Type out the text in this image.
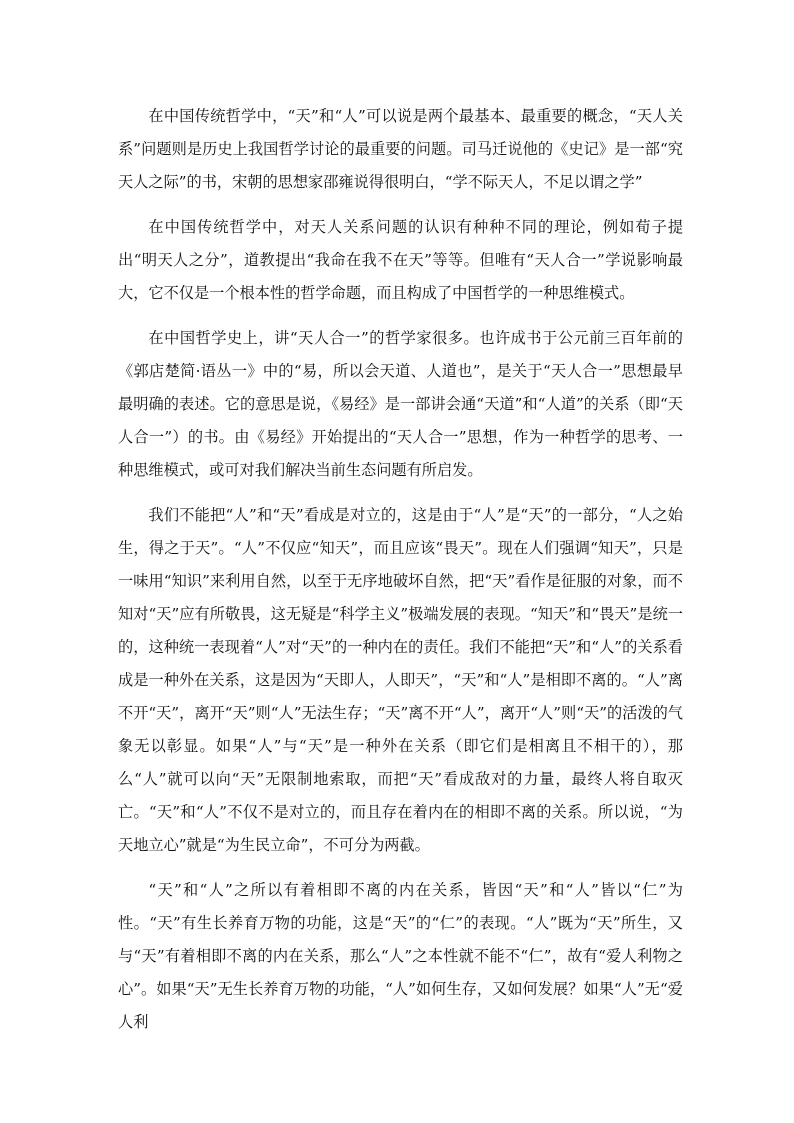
在中国传统哲学中，“天”和“人”可以说是两个最基本、最重要的概念，“天人关系”问题则是历史上我国哲学讨论的最重要的问题。司马迁说他的《史记》是一部“究天人之际”的书，宋朝的思想家邵雍说得很明白，“学不际天人，不足以谓之学”

在中国传统哲学中，对天人关系问题的认识有种种不同的理论，例如荀子提出“明天人之分”，道教提出“我命在我不在天”等等。但唯有“天人合一”学说影响最大，它不仅是一个根本性的哲学命题，而且构成了中国哲学的一种思维模式。

在中国哲学史上，讲“天人合一”的哲学家很多。也许成书于公元前三百年前的《郭店楚简·语丛一》中的“易，所以会天道、人道也”，是关于“天人合一”思想最早最明确的表述。它的意思是说，《易经》是一部讲会通“天道”和“人道”的关系（即“天人合一”）的书。由《易经》开始提出的“天人合一”思想，作为一种哲学的思考、一种思维模式，或可对我们解决当前生态问题有所启发。

我们不能把“人”和“天”看成是对立的，这是由于“人”是“天”的一部分，“人之始生，得之于天”。“人”不仅应“知天”，而且应该“畏天”。现在人们强调“知天”，只是一味用“知识”来利用自然，以至于无序地破坏自然，把“天”看作是征服的对象，而不知对“天”应有所敬畏，这无疑是“科学主义”极端发展的表现。“知天”和“畏天”是统一的，这种统一表现着“人”对“天”的一种内在的责任。我们不能把“天”和“人”的关系看成是一种外在关系，这是因为“天即人，人即天”，“天”和“人”是相即不离的。“人”离不开“天”，离开“天”则“人”无法生存；“天”离不开“人”，离开“人”则“天”的活泼的气象无以彰显。如果“人”与“天”是一种外在关系（即它们是相离且不相干的），那么“人”就可以向“天”无限制地索取，而把“天”看成敌对的力量，最终人将自取灭亡。“天”和“人”不仅不是对立的，而且存在着内在的相即不离的关系。所以说，“为天地立心”就是“为生民立命”，不可分为两截。

“天”和“人”之所以有着相即不离的内在关系，皆因“天”和“人”皆以“仁”为性。“天”有生长养育万物的功能，这是“天”的“仁”的表现。“人”既为“天”所生，又与“天”有着相即不离的内在关系，那么“人”之本性就不能不“仁”，故有“爱人利物之心”。如果“天”无生长养育万物的功能，“人”如何生存，又如何发展？如果“人”无“爱人利
